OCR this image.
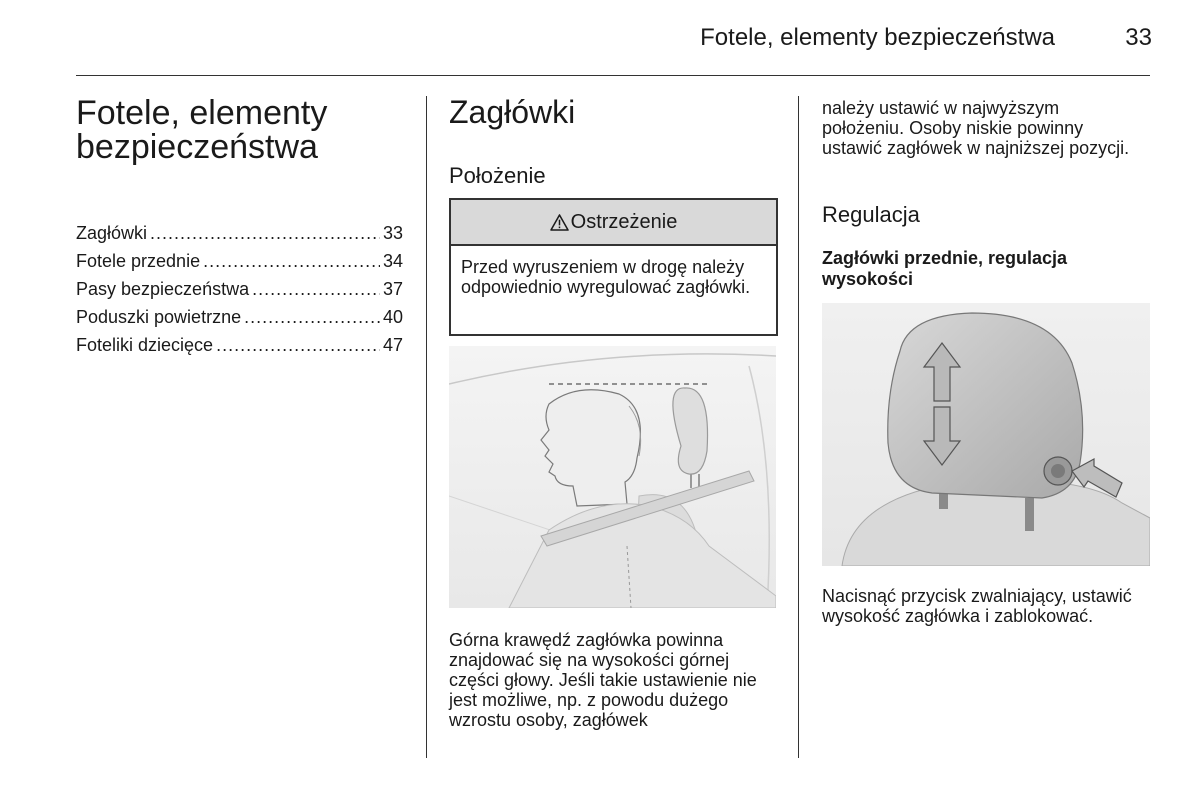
Fotele, elementy bezpieczeństwa	33
Fotele, elementy
bezpieczeństwa
Zagłówki .....	33
Fotele przednie .....	34
Pasy bezpieczeństwa .....	37
Poduszki powietrzne .....	40
Foteliki dziecięce .....	47
Zagłówki
Położenie
Ostrzeżenie
Przed wyruszeniem w drogę należy odpowiednio wyregulować zagłówki.

Górna krawędź zagłówka powinna znajdować się na wysokości górnej części głowy. Jeśli takie ustawienie nie jest możliwe, np. z powodu dużego wzrostu osoby, zagłówek

należy ustawić w najwyższym położeniu. Osoby niskie powinny ustawić zagłówek w najniższej pozycji.

Regulacja

Zagłówki przednie, regulacja wysokości

Nacisnąć przycisk zwalniający, ustawić wysokość zagłówka i zablokować.
